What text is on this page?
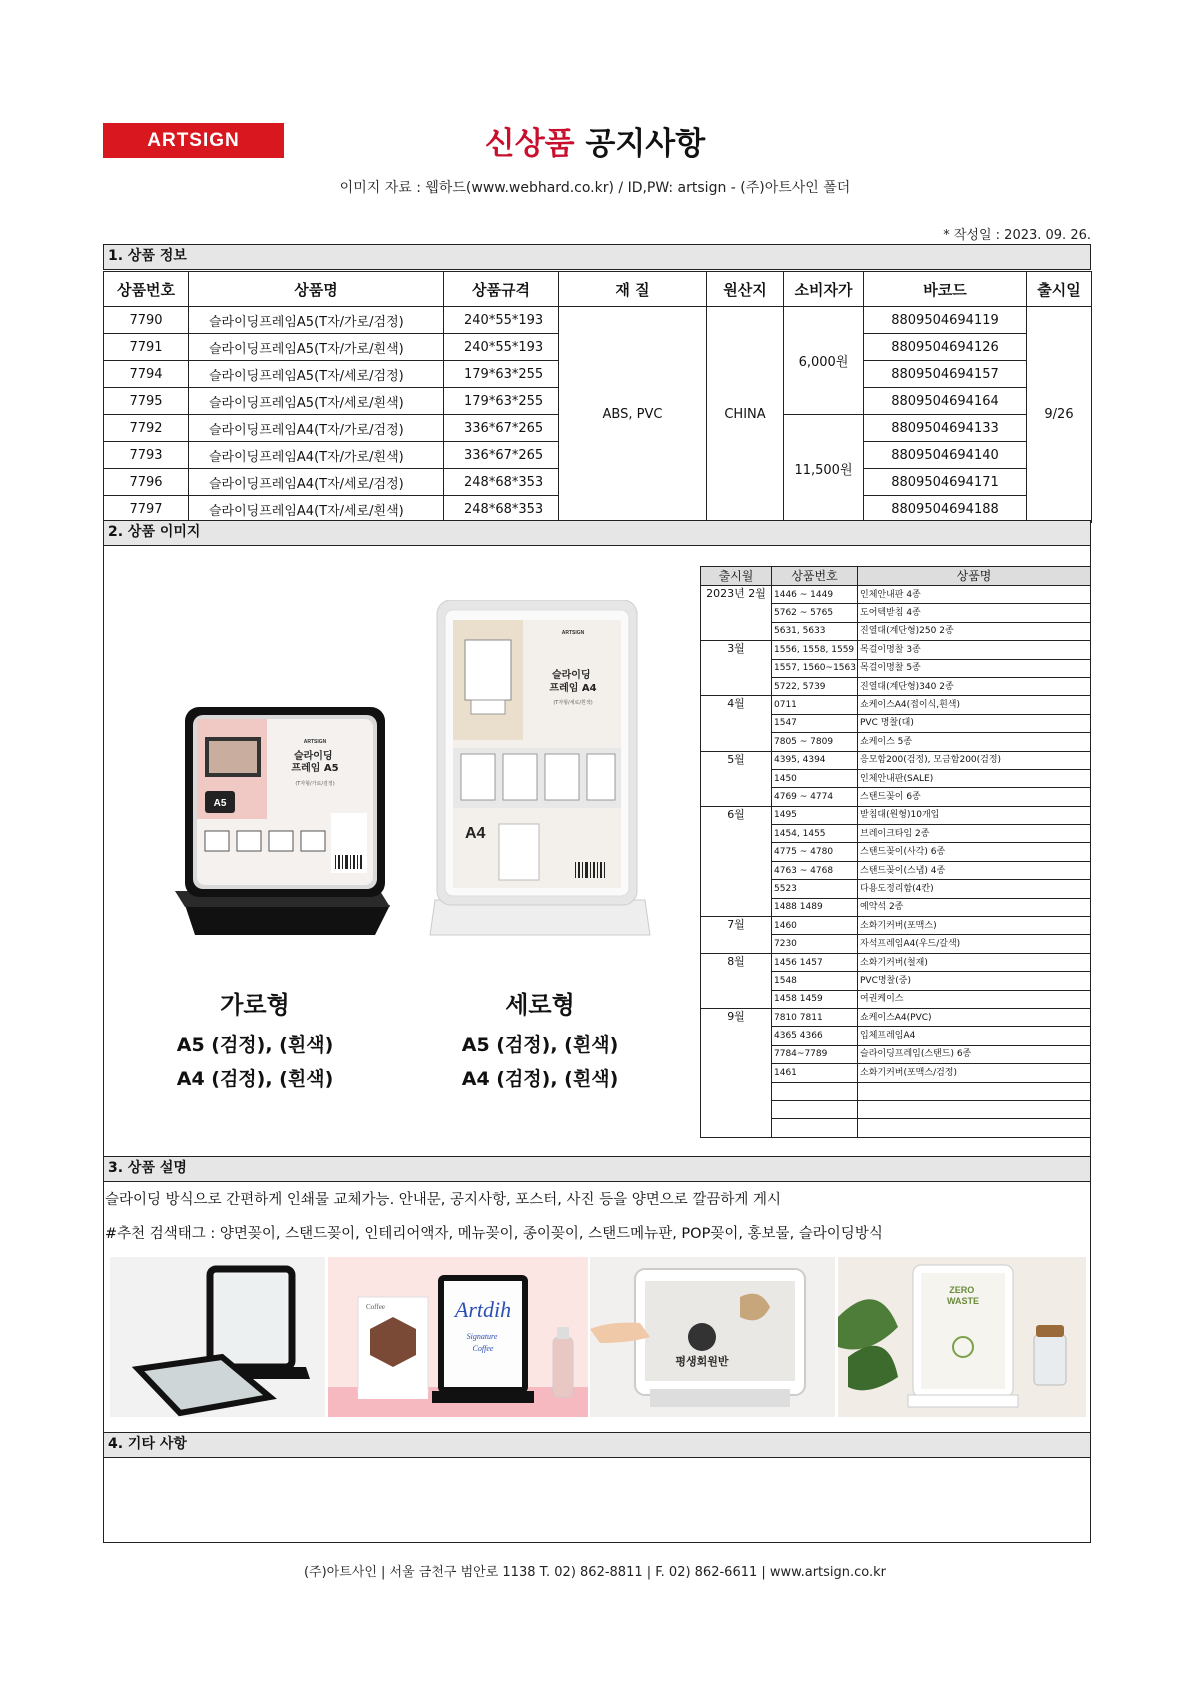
ARTSIGN	신상품 공지사항
이미지 자료 : 웹하드(www.webhard.co.kr) / ID,PW: artsign - (주)아트사인 폴더
* 작성일 : 2023. 09. 26.
1. 상품 정보
상품번호	상품명	상품규격	재 질	원산지	소비자가	바코드	출시일
7790	슬라이딩프레임A5(T자/가로/검정)	240*55*193	ABS, PVC	CHINA	6,000원	8809504694119	9/26
7791	슬라이딩프레임A5(T자/가로/흰색)	240*55*193				8809504694126	
7794	슬라이딩프레임A5(T자/세로/검정)	179*63*255				8809504694157	
7795	슬라이딩프레임A5(T자/세로/흰색)	179*63*255				8809504694164	
7792	슬라이딩프레임A4(T자/가로/검정)	336*67*265			11,500원	8809504694133	
7793	슬라이딩프레임A4(T자/가로/흰색)	336*67*265				8809504694140	
7796	슬라이딩프레임A4(T자/세로/검정)	248*68*353				8809504694171	
7797	슬라이딩프레임A4(T자/세로/흰색)	248*68*353				8809504694188	
2. 상품 이미지
A5
ARTSIGN
슬라이딩 프레임 A5
(T자형/가로/검정)
ARTSIGN
슬라이딩 프레임 A4
(T자형/세로/흰색)
A4
가로형
A5 (검정), (흰색)
A4 (검정), (흰색)
세로형
A5 (검정), (흰색)
A4 (검정), (흰색)
출시월	상품번호	상품명
2023년 2월	1446 ~ 1449	인체안내판 4종
	5762 ~ 5765	도어텍받침 4종
	5631, 5633	진열대(계단형)250 2종
3월	1556, 1558, 1559	목걸이명찰 3종
	1557, 1560~1563	목걸이명찰 5종
	5722, 5739	진열대(계단형)340 2종
4월	0711	쇼케이스A4(접이식,흰색)
	1547	PVC 명찰(대)
	7805 ~ 7809	쇼케이스 5종
5월	4395, 4394	응모함200(검정), 모금함200(검정)
	1450	인체안내판(SALE)
	4769 ~ 4774	스탠드꽂이 6종
6월	1495	받침대(원형)10개입
	1454, 1455	브레이크타임 2종
	4775 ~ 4780	스탠드꽂이(사각) 6종
	4763 ~ 4768	스탠드꽂이(스냅) 4종
	5523	다용도정리함(4칸)
	1488 1489	예약석 2종
7월	1460	소화기커버(포맥스)
	7230	자석프레임A4(우드/갈색)
8월	1456 1457	소화기커버(철재)
	1548	PVC명찰(중)
	1458 1459	여권케이스
9월	7810 7811	쇼케이스A4(PVC)
	4365 4366	입체프레임A4
	7784~7789	슬라이딩프레임(스탠드) 6종
	1461	소화기커버(포맥스/검정)

3. 상품 설명
슬라이딩 방식으로 간편하게 인쇄물 교체가능. 안내문, 공지사항, 포스터, 사진 등을 양면으로 깔끔하게 게시
#추천 검색태그 : 양면꽂이, 스탠드꽂이, 인테리어액자, 메뉴꽂이, 종이꽂이, 스탠드메뉴판, POP꽂이, 홍보물, 슬라이딩방식
Coffee	Artdih
Signature Coffee
평생회원반
ZERO WASTE
4. 기타 사항
(주)아트사인 | 서울 금천구 범안로 1138 T. 02) 862-8811 | F. 02) 862-6611 | www.artsign.co.kr
